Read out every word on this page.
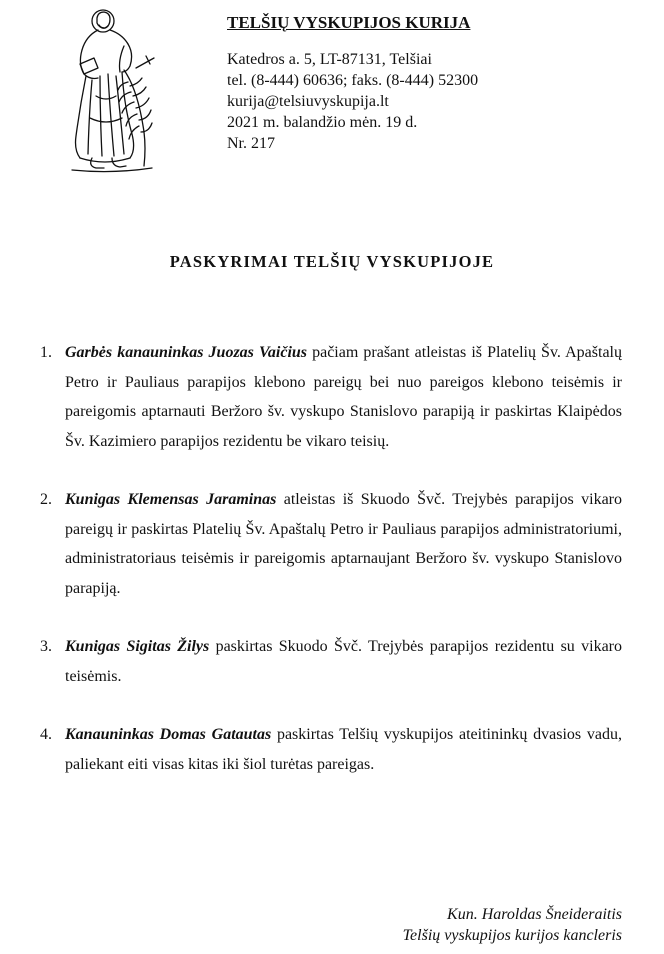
TELŠIŲ VYSKUPIJOS KURIJA
Katedros a. 5, LT-87131, Telšiai
tel. (8-444) 60636; faks. (8-444) 52300
kurija@telsiuvyskupija.lt
2021 m. balandžio mėn. 19 d.
Nr. 217
PASKYRIMAI TELŠIŲ VYSKUPIJOJE
1. Garbės kanauninkas Juozas Vaičius pačiam prašant atleistas iš Platelių Šv. Apaštalų Petro ir Pauliaus parapijos klebono pareigų bei nuo pareigos klebono teisėmis ir pareigomis aptarnauti Beržoro šv. vyskupo Stanislovo parapiją ir paskirtas Klaipėdos Šv. Kazimiero parapijos rezidentu be vikaro teisių.
2. Kunigas Klemensas Jaraminas atleistas iš Skuodo Švč. Trejybės parapijos vikaro pareigų ir paskirtas Platelių Šv. Apaštalų Petro ir Pauliaus parapijos administratoriumi, administratoriaus teisėmis ir pareigomis aptarnaujant Beržoro šv. vyskupo Stanislovo parapiją.
3. Kunigas Sigitas Žilys paskirtas Skuodo Švč. Trejybės parapijos rezidentu su vikaro teisėmis.
4. Kanauninkas Domas Gatautas paskirtas Telšių vyskupijos ateitininkų dvasios vadu, paliekant eiti visas kitas iki šiol turėtas pareigas.
Kun. Haroldas Šneideraitis
Telšių vyskupijos kurijos kancleris
